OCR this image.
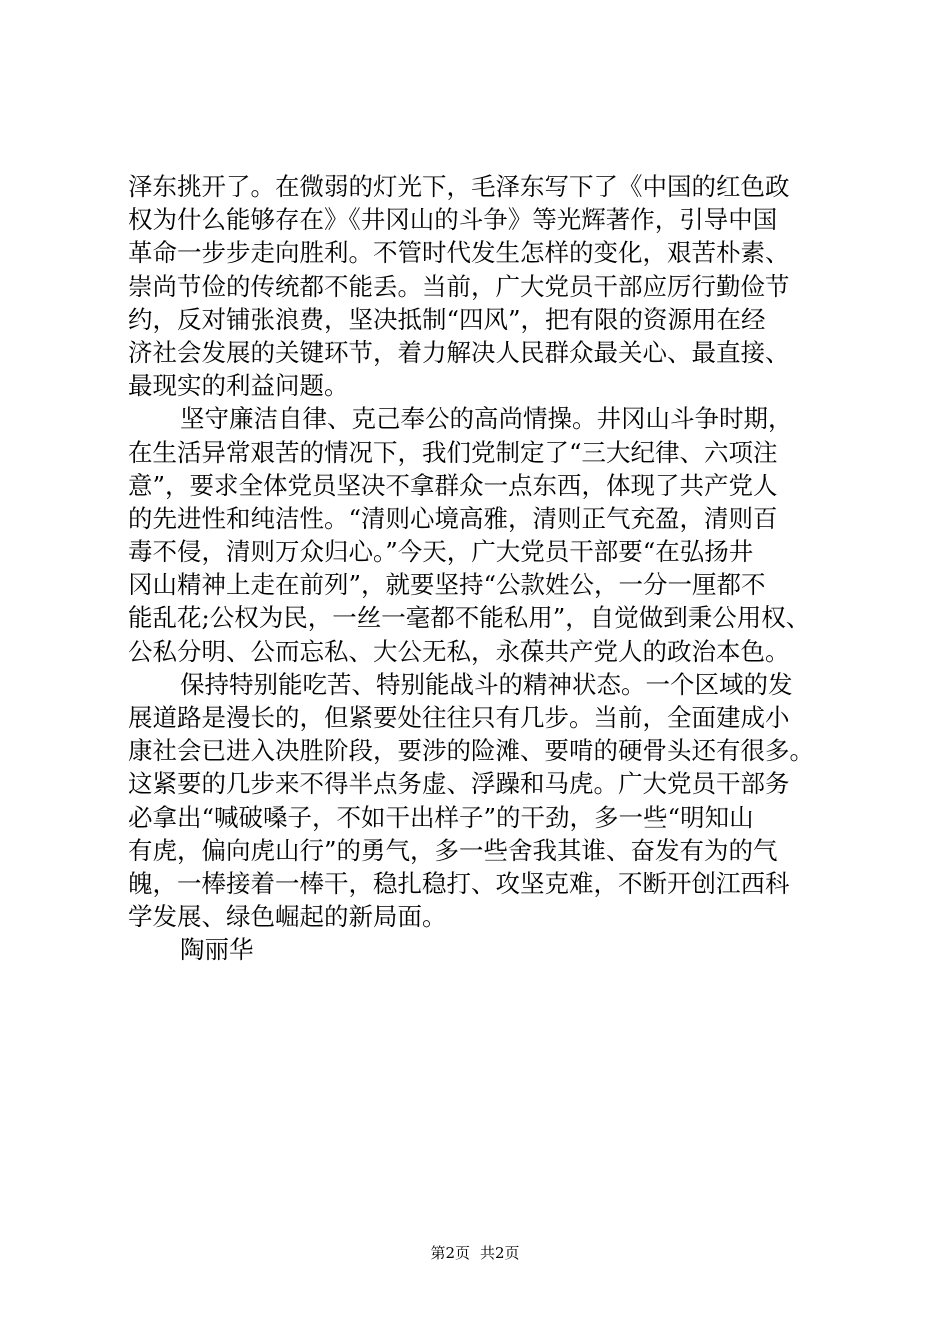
泽东挑开了。在微弱的灯光下，毛泽东写下了《中国的红色政
权为什么能够存在》《井冈山的斗争》等光辉著作，引导中国
革命一步步走向胜利。不管时代发生怎样的变化，艰苦朴素、
崇尚节俭的传统都不能丢。当前，广大党员干部应厉行勤俭节
约，反对铺张浪费，坚决抵制“四风”，把有限的资源用在经
济社会发展的关键环节，着力解决人民群众最关心、最直接、
最现实的利益问题。
坚守廉洁自律、克己奉公的高尚情操。井冈山斗争时期，
在生活异常艰苦的情况下，我们党制定了“三大纪律、六项注
意”，要求全体党员坚决不拿群众一点东西，体现了共产党人
的先进性和纯洁性。“清则心境高雅，清则正气充盈，清则百
毒不侵，清则万众归心。”今天，广大党员干部要“在弘扬井
冈山精神上走在前列”，就要坚持“公款姓公，一分一厘都不
能乱花;公权为民，一丝一毫都不能私用”，自觉做到秉公用权、
公私分明、公而忘私、大公无私，永葆共产党人的政治本色。
保持特别能吃苦、特别能战斗的精神状态。一个区域的发
展道路是漫长的，但紧要处往往只有几步。当前，全面建成小
康社会已进入决胜阶段，要涉的险滩、要啃的硬骨头还有很多。
这紧要的几步来不得半点务虚、浮躁和马虎。广大党员干部务
必拿出“喊破嗓子，不如干出样子”的干劲，多一些“明知山
有虎，偏向虎山行”的勇气，多一些舍我其谁、奋发有为的气
魄，一棒接着一棒干，稳扎稳打、攻坚克难，不断开创江西科
学发展、绿色崛起的新局面。
陶丽华
第2页 共2页
